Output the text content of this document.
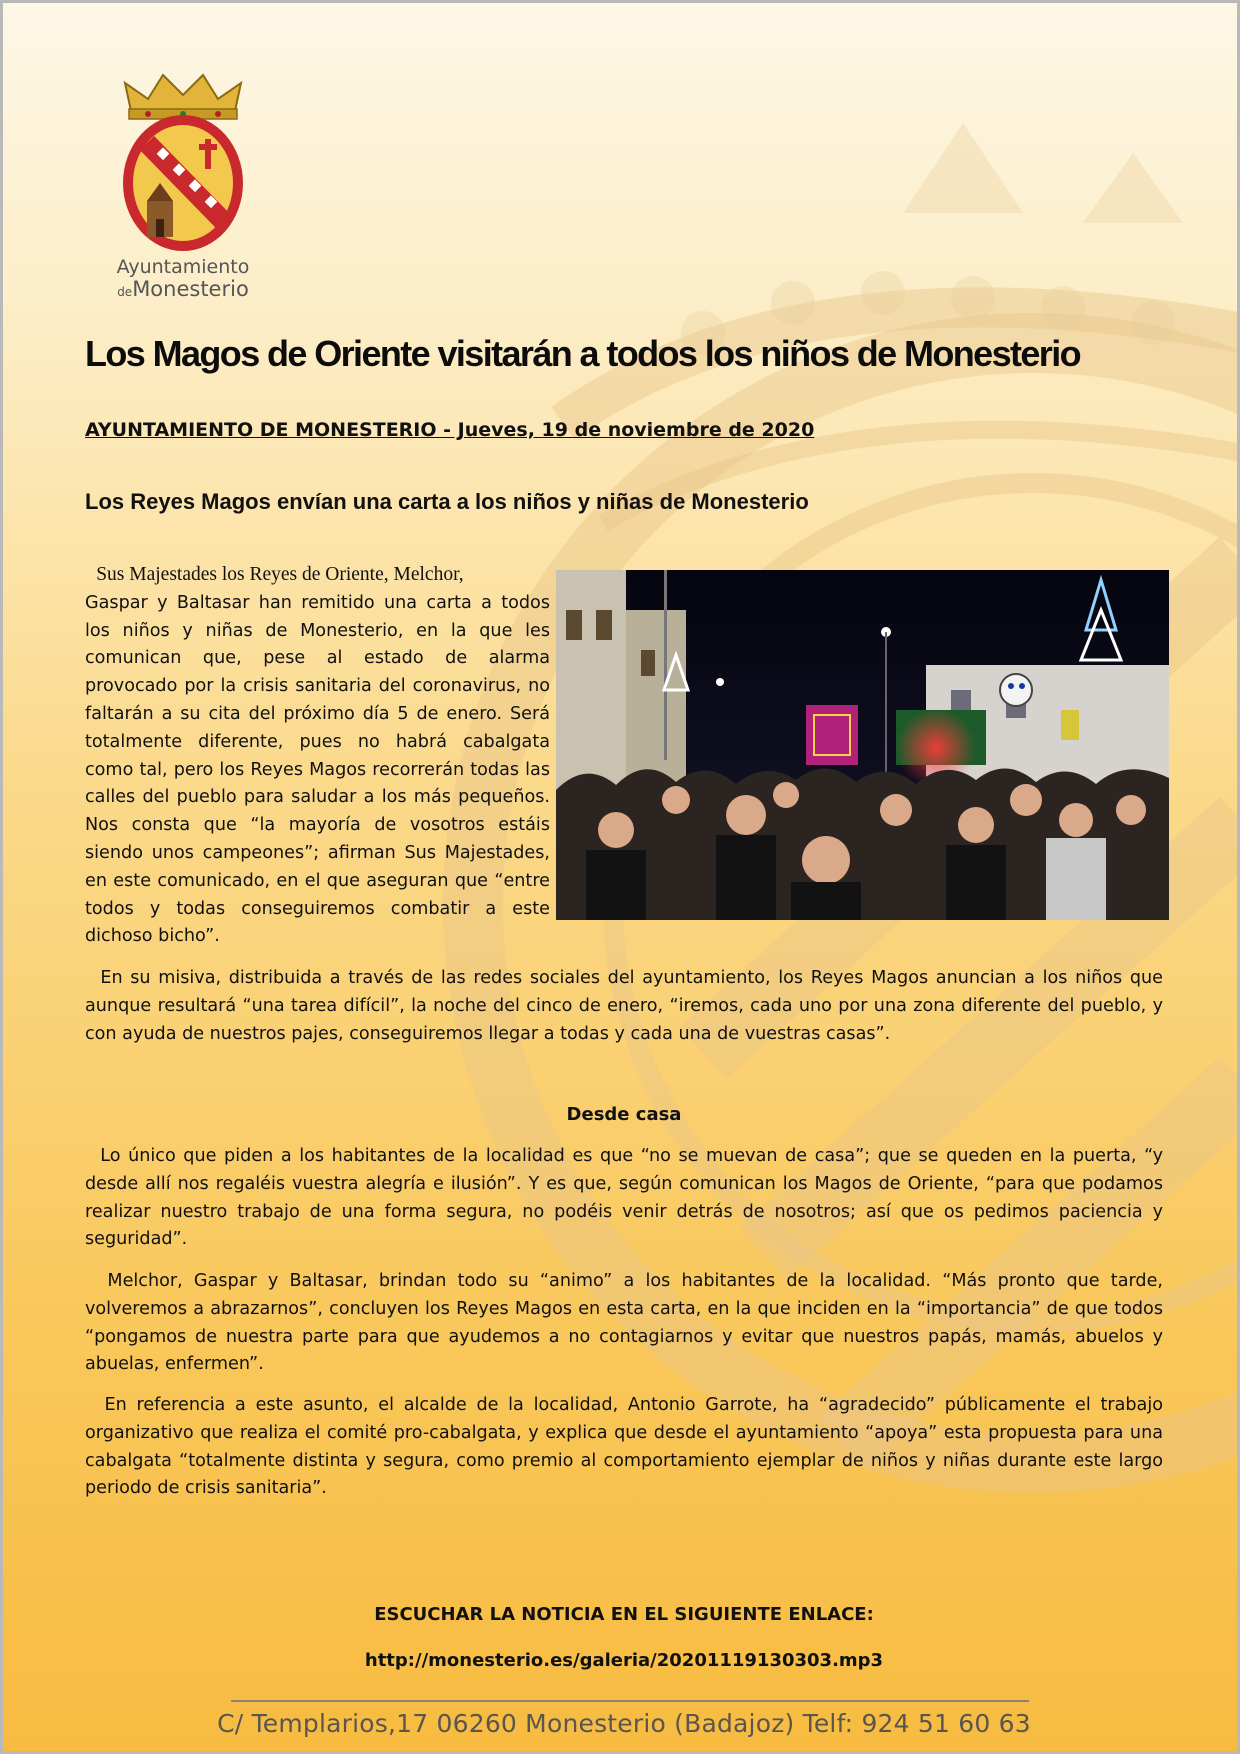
Ayuntamiento
deMonesterio
Los Magos de Oriente visitarán a todos los niños de Monesterio

AYUNTAMIENTO DE MONESTERIO - Jueves, 19 de noviembre de 2020

Los Reyes Magos envían una carta a los niños y niñas de Monesterio

Sus Majestades los Reyes de Oriente, Melchor,
Gaspar y Baltasar han remitido una carta a todos los niños y niñas de Monesterio, en la que les comunican que, pese al estado de alarma provocado por la crisis sanitaria del coronavirus, no faltarán a su cita del próximo día 5 de enero. Será totalmente diferente, pues no habrá cabalgata como tal, pero los Reyes Magos recorrerán todas las calles del pueblo para saludar a los más pequeños. Nos consta que “la mayoría de vosotros estáis siendo unos campeones”; afirman Sus Majestades, en este comunicado, en el que aseguran que “entre todos y todas conseguiremos combatir a este dichoso bicho”.

En su misiva, distribuida a través de las redes sociales del ayuntamiento, los Reyes Magos anuncian a los niños que aunque resultará “una tarea difícil”, la noche del cinco de enero, “iremos, cada uno por una zona diferente del pueblo, y con ayuda de nuestros pajes, conseguiremos llegar a todas y cada una de vuestras casas”.

Desde casa

Lo único que piden a los habitantes de la localidad es que “no se muevan de casa”; que se queden en la puerta, “y desde allí nos regaléis vuestra alegría e ilusión”. Y es que, según comunican los Magos de Oriente, “para que podamos realizar nuestro trabajo de una forma segura, no podéis venir detrás de nosotros; así que os pedimos paciencia y seguridad”.

Melchor, Gaspar y Baltasar, brindan todo su “animo” a los habitantes de la localidad. “Más pronto que tarde, volveremos a abrazarnos”, concluyen los Reyes Magos en esta carta, en la que inciden en la “importancia” de que todos “pongamos de nuestra parte para que ayudemos a no contagiarnos y evitar que nuestros papás, mamás, abuelos y abuelas, enfermen”.

En referencia a este asunto, el alcalde de la localidad, Antonio Garrote, ha “agradecido” públicamente el trabajo organizativo que realiza el comité pro-cabalgata, y explica que desde el ayuntamiento “apoya” esta propuesta para una cabalgata “totalmente distinta y segura, como premio al comportamiento ejemplar de niños y niñas durante este largo periodo de crisis sanitaria”.

ESCUCHAR LA NOTICIA EN EL SIGUIENTE ENLACE:

http://monesterio.es/galeria/20201119130303.mp3

C/ Templarios,17 06260 Monesterio (Badajoz) Telf: 924 51 60 63
